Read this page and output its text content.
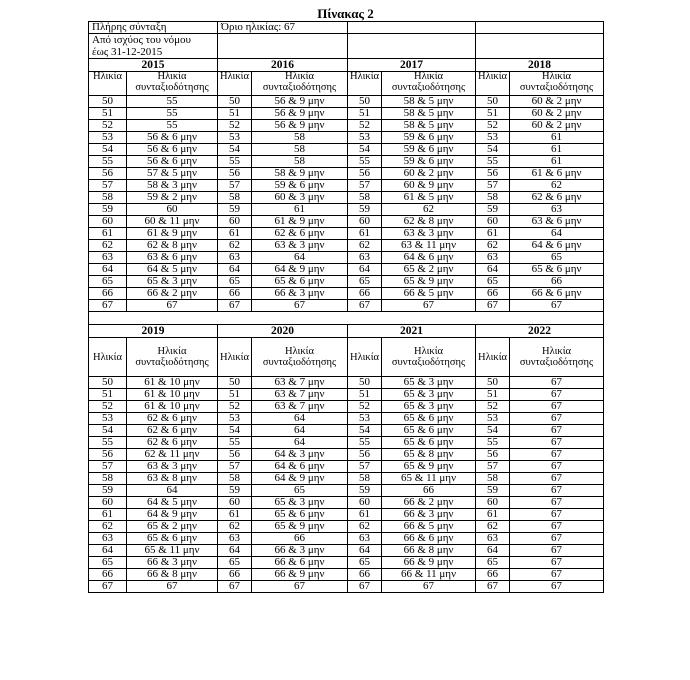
Πίνακας 2
Πλήρης σύνταξη		Όριο ηλικίας: 67					
Από ισχύος του νόμου
έως 31-12-2015							
2015		2016		2017		2018	
Ηλικία	Ηλικία συνταξιοδότησης	Ηλικία	Ηλικία συνταξιοδότησης	Ηλικία	Ηλικία συνταξιοδότησης	Ηλικία	Ηλικία συνταξιοδότησης
50	55	50	56 & 9 μην	50	58 & 5 μην	50	60 & 2 μην
51	55	51	56 & 9 μην	51	58 & 5 μην	51	60 & 2 μην
52	55	52	56 & 9 μην	52	58 & 5 μην	52	60 & 2 μην
53	56 & 6 μην	53	58	53	59 & 6 μην	53	61
54	56 & 6 μην	54	58	54	59 & 6 μην	54	61
55	56 & 6 μην	55	58	55	59 & 6 μην	55	61
56	57 & 5 μην	56	58 & 9 μην	56	60 & 2 μην	56	61 & 6 μην
57	58 & 3 μην	57	59 & 6 μην	57	60 & 9 μην	57	62
58	59 & 2 μην	58	60 & 3 μην	58	61 & 5 μην	58	62 & 6 μην
59	60	59	61	59	62	59	63
60	60 & 11 μην	60	61 & 9 μην	60	62 & 8 μην	60	63 & 6 μην
61	61 & 9 μην	61	62 & 6 μην	61	63 & 3 μην	61	64
62	62 & 8 μην	62	63 & 3 μην	62	63 & 11 μην	62	64 & 6 μην
63	63 & 6 μην	63	64	63	64 & 6 μην	63	65
64	64 & 5 μην	64	64 & 9 μην	64	65 & 2 μην	64	65 & 6 μην
65	65 & 3 μην	65	65 & 6 μην	65	65 & 9 μην	65	66
66	66 & 2 μην	66	66 & 3 μην	66	66 & 5 μην	66	66 & 6 μην
67	67	67	67	67	67	67	67

2019		2020		2021		2022	
Ηλικία	Ηλικία συνταξιοδότησης	Ηλικία	Ηλικία συνταξιοδότησης	Ηλικία	Ηλικία συνταξιοδότησης	Ηλικία	Ηλικία συνταξιοδότησης
50	61 & 10 μην	50	63 & 7 μην	50	65 & 3 μην	50	67
51	61 & 10 μην	51	63 & 7 μην	51	65 & 3 μην	51	67
52	61 & 10 μην	52	63 & 7 μην	52	65 & 3 μην	52	67
53	62 & 6 μην	53	64	53	65 & 6 μην	53	67
54	62 & 6 μην	54	64	54	65 & 6 μην	54	67
55	62 & 6 μην	55	64	55	65 & 6 μην	55	67
56	62 & 11 μην	56	64 & 3 μην	56	65 & 8 μην	56	67
57	63 & 3 μην	57	64 & 6 μην	57	65 & 9 μην	57	67
58	63 & 8 μην	58	64 & 9 μην	58	65 & 11 μην	58	67
59	64	59	65	59	66	59	67
60	64 & 5 μην	60	65 & 3 μην	60	66 & 2 μην	60	67
61	64 & 9 μην	61	65 & 6 μην	61	66 & 3 μην	61	67
62	65 & 2 μην	62	65 & 9 μην	62	66 & 5 μην	62	67
63	65 & 6 μην	63	66	63	66 & 6 μην	63	67
64	65 & 11 μην	64	66 & 3 μην	64	66 & 8 μην	64	67
65	66 & 3 μην	65	66 & 6 μην	65	66 & 9 μην	65	67
66	66 & 8 μην	66	66 & 9 μην	66	66 & 11 μην	66	67
67	67	67	67	67	67	67	67
